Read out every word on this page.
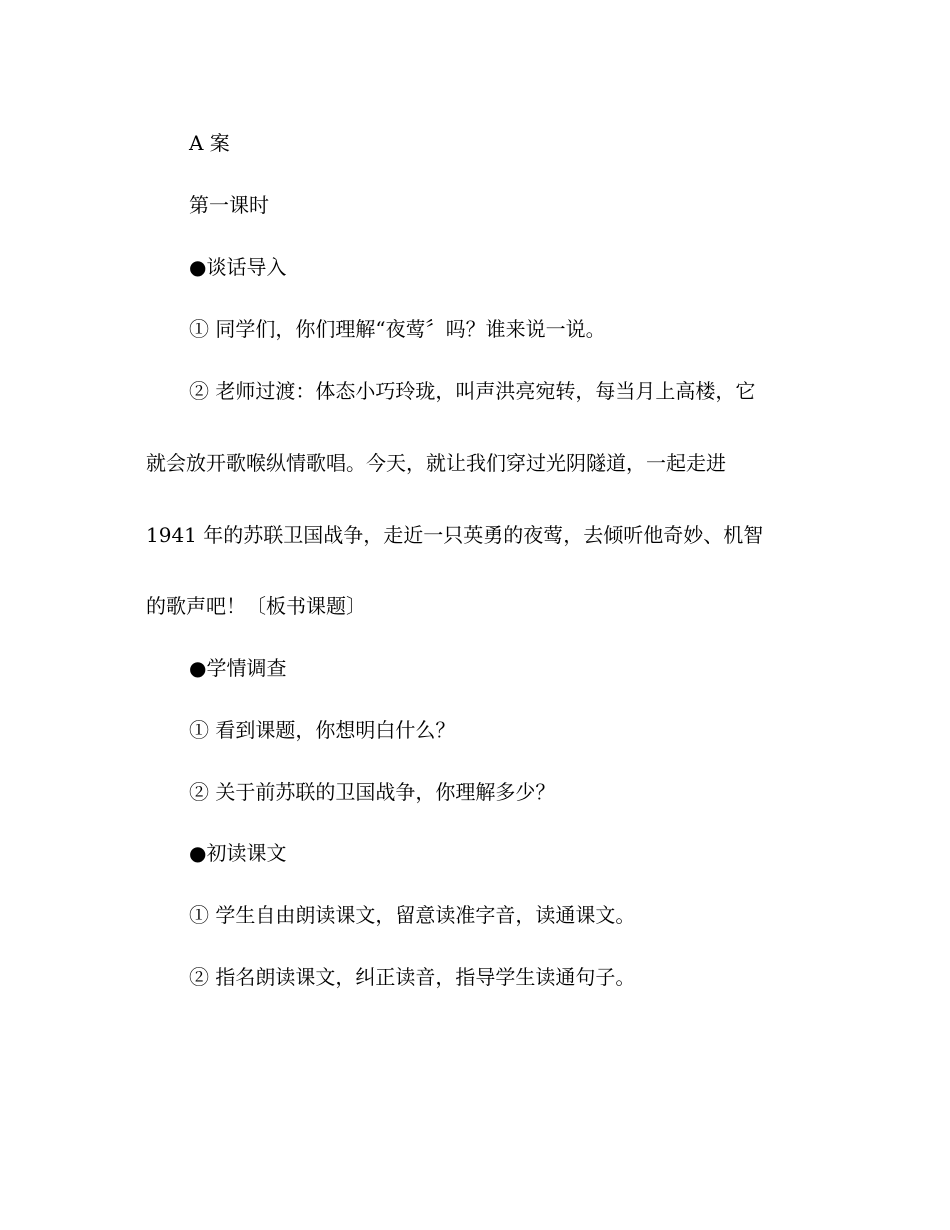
A 案
第一课时
●谈话导入
① 同学们，你们理解“夜莺〞吗？谁来说一说。
② 老师过渡：体态小巧玲珑，叫声洪亮宛转，每当月上高楼，它
就会放开歌喉纵情歌唱。今天，就让我们穿过光阴隧道，一起走进
1941 年的苏联卫国战争，走近一只英勇的夜莺，去倾听他奇妙、机智
的歌声吧！〔板书课题〕
●学情调查
① 看到课题，你想明白什么？
② 关于前苏联的卫国战争，你理解多少？
●初读课文
① 学生自由朗读课文，留意读准字音，读通课文。
② 指名朗读课文，纠正读音，指导学生读通句子。
